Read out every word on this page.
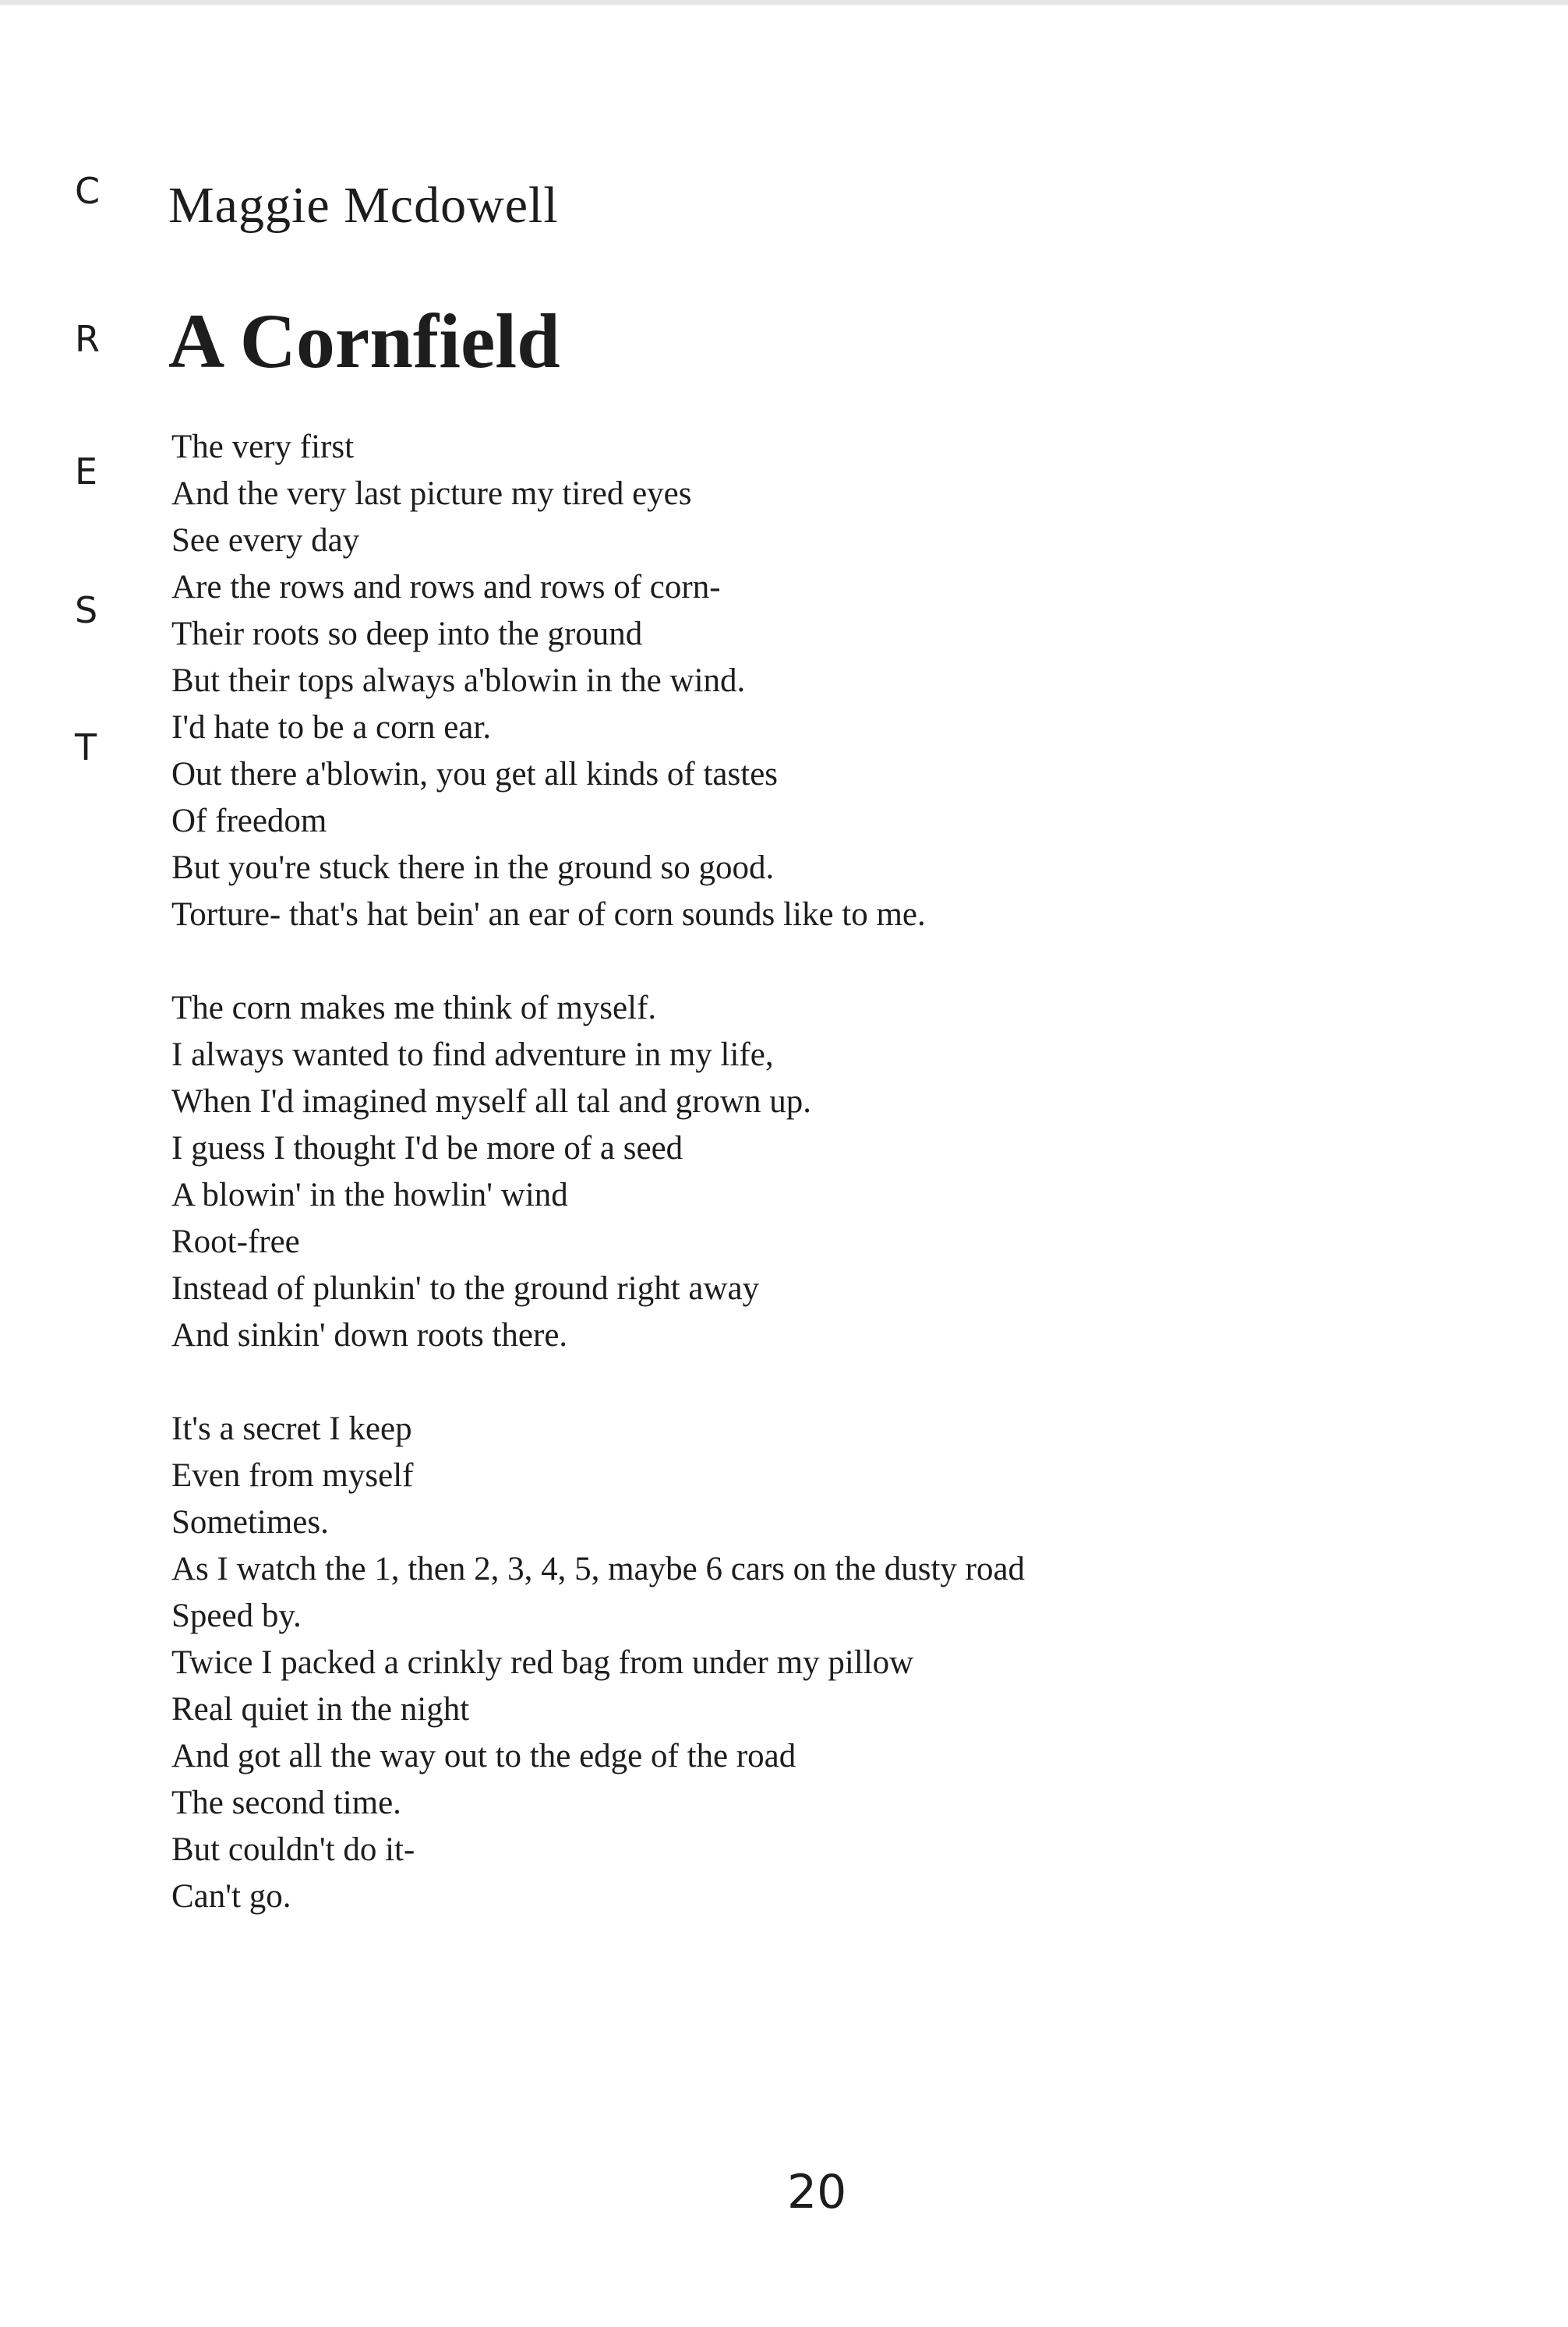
C
R
E
S
T
Maggie Mcdowell
A Cornfield
The very first
And the very last picture my tired eyes
See every day
Are the rows and rows and rows of corn-
Their roots so deep into the ground
But their tops always a'blowin in the wind.
I'd hate to be a corn ear.
Out there a'blowin, you get all kinds of tastes
Of freedom
But you're stuck there in the ground so good.
Torture- that's hat bein' an ear of corn sounds like to me.
The corn makes me think of myself.
I always wanted to find adventure in my life,
When I'd imagined myself all tal and grown up.
I guess I thought I'd be more of a seed
A blowin' in the howlin' wind
Root-free
Instead of plunkin' to the ground right away
And sinkin' down roots there.
It's a secret I keep
Even from myself
Sometimes.
As I watch the 1, then 2, 3, 4, 5, maybe 6 cars on the dusty road
Speed by.
Twice I packed a crinkly red bag from under my pillow
Real quiet in the night
And got all the way out to the edge of the road
The second time.
But couldn't do it-
Can't go.
20
